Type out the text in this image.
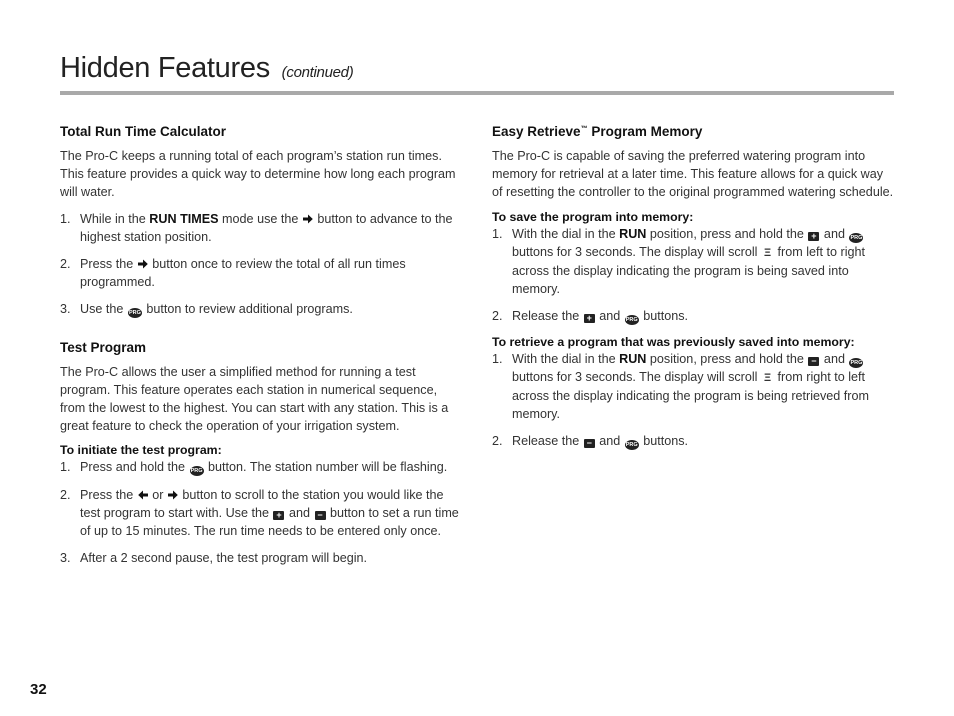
Hidden Features (continued)
Total Run Time Calculator

The Pro-C keeps a running total of each program’s station run times. This feature provides a quick way to determine how long each program will water.

1. While in the RUN TIMES mode use the  button to advance to the highest station position.
2. Press the  button once to review the total of all run times programmed.
3. Use the PRG button to review additional programs.
Test Program

The Pro-C allows the user a simplified method for running a test program. This feature operates each station in numerical sequence, from the lowest to the highest. You can start with any station. This is a great feature to check the operation of your irrigation system.

To initiate the test program:
1. Press and hold the PRG button. The station number will be flashing.
2. Press the  or  button to scroll to the station you would like the test program to start with. Use the + and − button to set a run time of up to 15 minutes. The run time needs to be entered only once.
3. After a 2 second pause, the test program will begin.
Easy Retrieve™ Program Memory

The Pro-C is capable of saving the preferred watering program into memory for retrieval at a later time. This feature allows for a quick way of resetting the controller to the original programmed watering schedule.

To save the program into memory:
1. With the dial in the RUN position, press and hold the + and PRG buttons for 3 seconds. The display will scroll Ξ from left to right across the display indicating the program is being saved into memory.
2. Release the + and PRG buttons.
To retrieve a program that was previously saved into memory:
1. With the dial in the RUN position, press and hold the − and PRG buttons for 3 seconds. The display will scroll Ξ from right to left across the display indicating the program is being retrieved from memory.
2. Release the − and PRG buttons.
32
